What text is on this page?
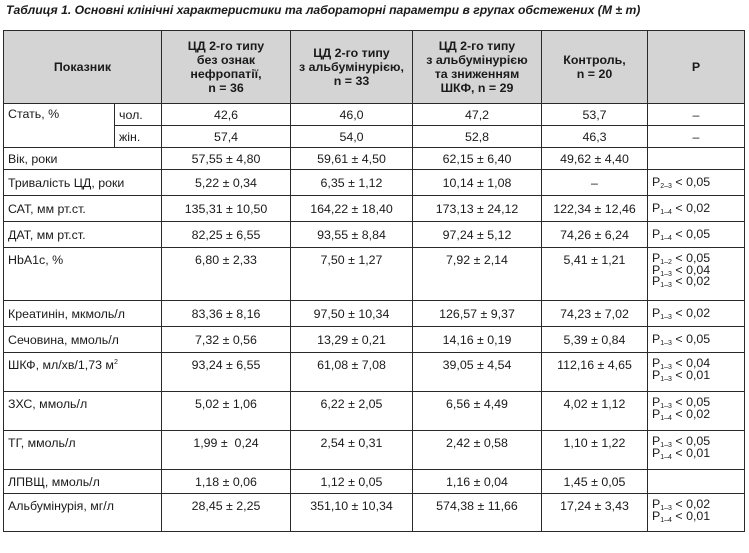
Таблиця 1. Основні клінічні характеристики та лабораторні параметри в групах обстежених (M ± m)
Показник		ЦД 2-го типу
без ознак
нефропатії,
n = 36	ЦД 2-го типу
з альбумінурією,
n = 33	ЦД 2-го типу
з альбумінурією
та зниженням
ШКФ, n = 29	Контроль,
n = 20	P
Стать, %	чол.	42,6	46,0	47,2	53,7	–
	жін.	57,4	54,0	52,8	46,3	–
Вік, роки		57,55 ± 4,80	59,61 ± 4,50	62,15 ± 6,40	49,62 ± 4,40	
Тривалість ЦД, роки		5,22 ± 0,34	6,35 ± 1,12	10,14 ± 1,08	–	$P_{2-3} < 0,05$

САТ, мм рт.ст.		135,31 ± 10,50	164,22 ± 18,40	173,13 ± 24,12	122,34 ± 12,46	$P_{1-4} < 0,02$

ДАТ, мм рт.ст.		82,25 ± 6,55	93,55 ± 8,84	97,24 ± 5,12	74,26 ± 6,24	$P_{1-4} < 0,05$

HbA1c, %		6,80 ± 2,33	7,50 ± 1,27	7,92 ± 2,14	5,41 ± 1,21	$P_{1-2} < 0,05$
$P_{1-3} < 0,04$
$P_{1-3} < 0,02$

Креатинін, мкмоль/л		83,36 ± 8,16	97,50 ± 10,34	126,57 ± 9,37	74,23 ± 7,02	$P_{1-3} < 0,02$

Сечовина, ммоль/л		7,32 ± 0,56	13,29 ± 0,21	14,16 ± 0,19	5,39 ± 0,84	$P_{1-3} < 0,05$

ШКФ, мл/хв/1,73 $м^2$		93,24 ± 6,55	61,08 ± 7,08	39,05 ± 4,54	112,16 ± 4,65	$P_{1-3} < 0,04$
$P_{1-3} < 0,01$

ЗХС, ммоль/л		5,02 ± 1,06	6,22 ± 2,05	6,56 ± 4,49	4,02 ± 1,12	$P_{1-3} < 0,05$
$P_{1-4} < 0,02$

ТГ, ммоль/л		1,99 ±  0,24	2,54 ± 0,31	2,42 ± 0,58	1,10 ± 1,22	$P_{1-3} < 0,05$
$P_{1-4} < 0,01$

ЛПВЩ, ммоль/л		1,18 ± 0,06	1,12 ± 0,05	1,16 ± 0,04	1,45 ± 0,05	
Альбумінурія, мг/л		28,45 ± 2,25	351,10 ± 10,34	574,38 ± 11,66	17,24 ± 3,43	$P_{1-3} < 0,02$
$P_{1-4} < 0,01$
